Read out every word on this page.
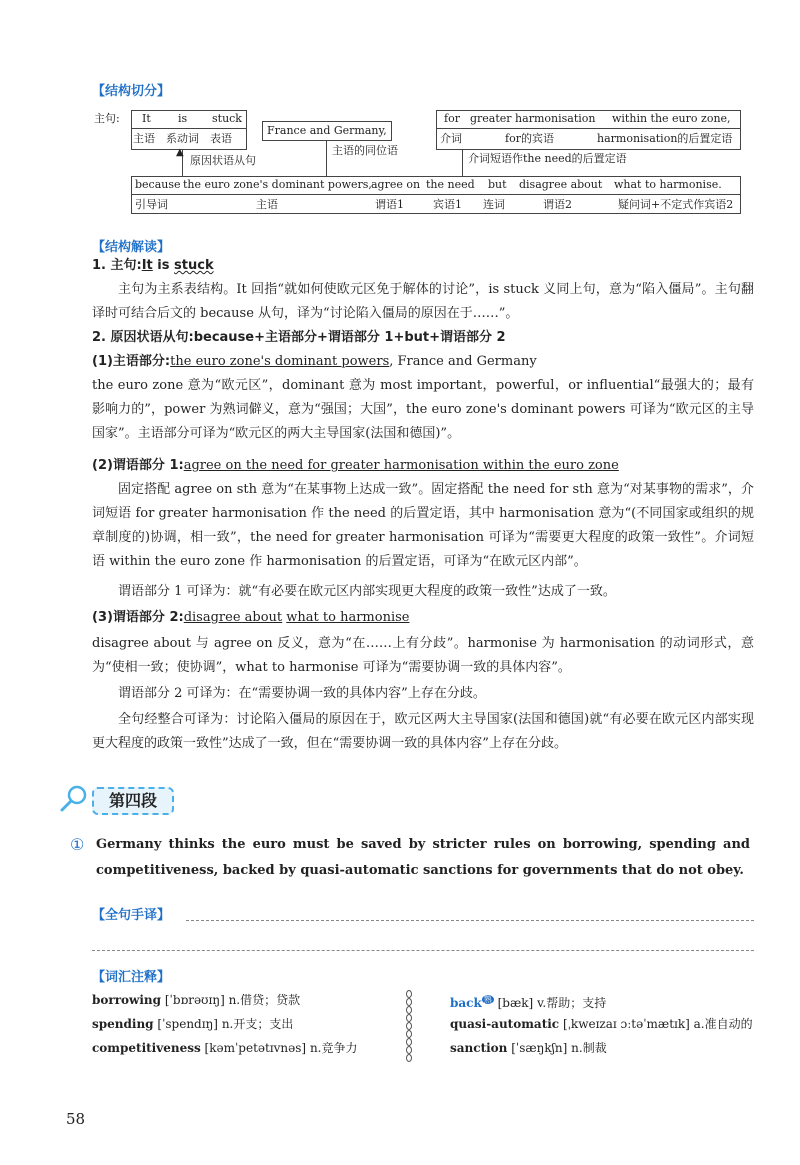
【结构切分】
主句: It is stuck
主语 系动词 表语
▲
原因状语从句
France and Germany,
主语的同位语
for greater harmonisation within the euro zone,
介词	for的宾语	harmonisation的后置定语
介词短语作the need的后置定语
because the euro zone's dominant powers, agree on the need but disagree about what to harmonise.
引导词	主语	谓语1	宾语1 连词	谓语2	疑问词+不定式作宾语2
【结构解读】
1. 主句:It is stuck
主句为主系表结构。It 回指“就如何使欧元区免于解体的讨论”，is stuck 义同上句，意为“陷入僵局”。主句翻译时可结合后文的 because 从句，译为“讨论陷入僵局的原因在于……”。
2. 原因状语从句:because+主语部分+谓语部分 1+but+谓语部分 2
(1)主语部分:the euro zone's dominant powers, France and Germany
the euro zone 意为“欧元区”，dominant 意为 most important，powerful，or influential“最强大的；最有影响力的”，power 为熟词僻义，意为“强国；大国”，the euro zone's dominant powers 可译为“欧元区的主导国家”。主语部分可译为“欧元区的两大主导国家(法国和德国)”。
(2)谓语部分 1:agree on the need for greater harmonisation within the euro zone
固定搭配 agree on sth 意为“在某事物上达成一致”。固定搭配 the need for sth 意为“对某事物的需求”，介词短语 for greater harmonisation 作 the need 的后置定语，其中 harmonisation 意为“(不同国家或组织的规章制度的)协调，相一致”，the need for greater harmonisation 可译为“需要更大程度的政策一致性”。介词短语 within the euro zone 作 harmonisation 的后置定语，可译为“在欧元区内部”。
谓语部分 1 可译为：就“有必要在欧元区内部实现更大程度的政策一致性”达成了一致。
(3)谓语部分 2:disagree about what to harmonise
disagree about 与 agree on 反义，意为“在……上有分歧”。harmonise 为 harmonisation 的动词形式，意为“使相一致；使协调”，what to harmonise 可译为“需要协调一致的具体内容”。
谓语部分 2 可译为：在“需要协调一致的具体内容”上存在分歧。
全句经整合可译为：讨论陷入僵局的原因在于，欧元区两大主导国家(法国和德国)就“有必要在欧元区内部实现更大程度的政策一致性”达成了一致，但在“需要协调一致的具体内容”上存在分歧。
第四段
① Germany thinks the euro must be saved by stricter rules on borrowing, spending and competitiveness, backed by quasi-automatic sanctions for governments that do not obey.
【全句手译】
【词汇注释】
borrowing [ˈbɒrəʊɪŋ] n.借贷；贷款
spending [ˈspendɪŋ] n.开支；支出
competitiveness [kəmˈpetətɪvnəs] n.竞争力
back $^熟$ [bæk] v.帮助；支持
quasi-automatic [ˌkweɪzaɪ ɔːtəˈmætɪk] a.准自动的
sanction [ˈsæŋkʃn] n.制裁
58
